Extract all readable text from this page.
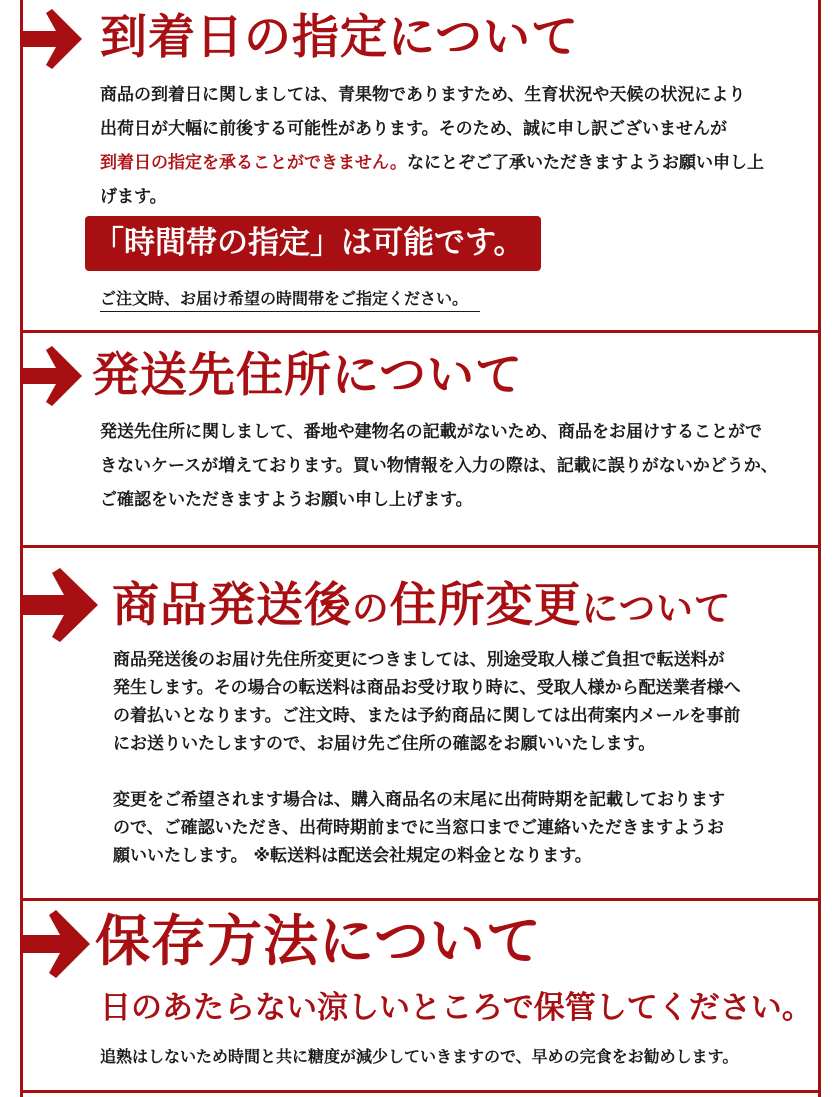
到着日の指定について

商品の到着日に関しましては、青果物でありますため、生育状況や天候の状況により
出荷日が大幅に前後する可能性があります。そのため、誠に申し訳ございませんが
到着日の指定を承ることができません。なにとぞご了承いただきますようお願い申し上
げます。

「時間帯の指定」は可能です。

ご注文時、お届け希望の時間帯をご指定ください。

発送先住所について

発送先住所に関しまして、番地や建物名の記載がないため、商品をお届けすることがで
きないケースが増えております。買い物情報を入力の際は、記載に誤りがないかどうか、
ご確認をいただきますようお願い申し上げます。

商品発送後の住所変更について

商品発送後のお届け先住所変更につきましては、別途受取人様ご負担で転送料が
発生します。その場合の転送料は商品お受け取り時に、受取人様から配送業者様へ
の着払いとなります。ご注文時、または予約商品に関しては出荷案内メールを事前
にお送りいたしますので、お届け先ご住所の確認をお願いいたします。

変更をご希望されます場合は、購入商品名の末尾に出荷時期を記載しております
ので、ご確認いただき、出荷時期前までに当窓口までご連絡いただきますようお
願いいたします。 ※転送料は配送会社規定の料金となります。

保存方法について

日のあたらない涼しいところで保管してください。

追熟はしないため時間と共に糖度が減少していきますので、早めの完食をお勧めします。
